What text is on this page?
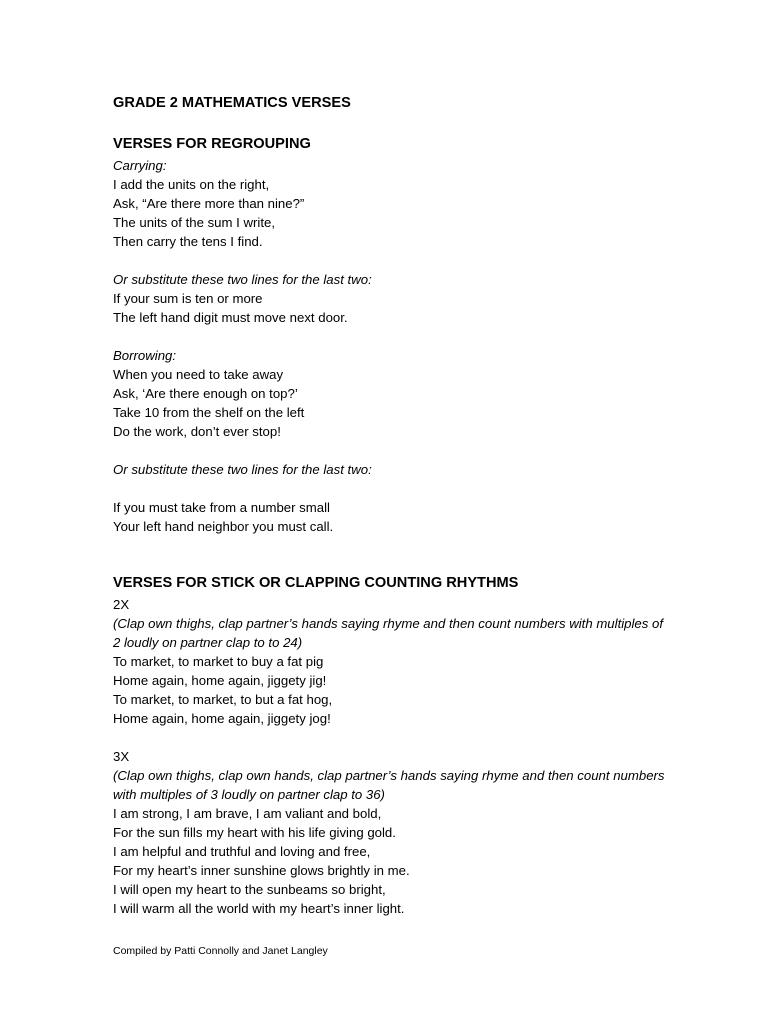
GRADE 2 MATHEMATICS VERSES
VERSES FOR REGROUPING
Carrying:
I add the units on the right,
Ask, “Are there more than nine?”
The units of the sum I write,
Then carry the tens I find.
Or substitute these two lines for the last two:
If your sum is ten or more
The left hand digit must move next door.
Borrowing:
When you need to take away
Ask, ‘Are there enough on top?’
Take 10 from the shelf on the left
Do the work, don’t ever stop!
Or substitute these two lines for the last two:
If you must take from a number small
Your left hand neighbor you must call.
VERSES FOR STICK OR CLAPPING COUNTING RHYTHMS
2X
(Clap own thighs, clap partner’s hands saying rhyme and then count numbers with multiples of 2 loudly on partner clap to to 24)
To market, to market to buy a fat pig
Home again, home again, jiggety jig!
To market, to market, to but a fat hog,
Home again, home again, jiggety jog!
3X
(Clap own thighs, clap own hands, clap partner’s hands saying rhyme and then count numbers with multiples of 3 loudly on partner clap to 36)
I am strong, I am brave, I am valiant and bold,
For the sun fills my heart with his life giving gold.
I am helpful and truthful and loving and free,
For my heart’s inner sunshine glows brightly in me.
I will open my heart to the sunbeams so bright,
I will warm all the world with my heart’s inner light.
Compiled by Patti Connolly and Janet Langley
